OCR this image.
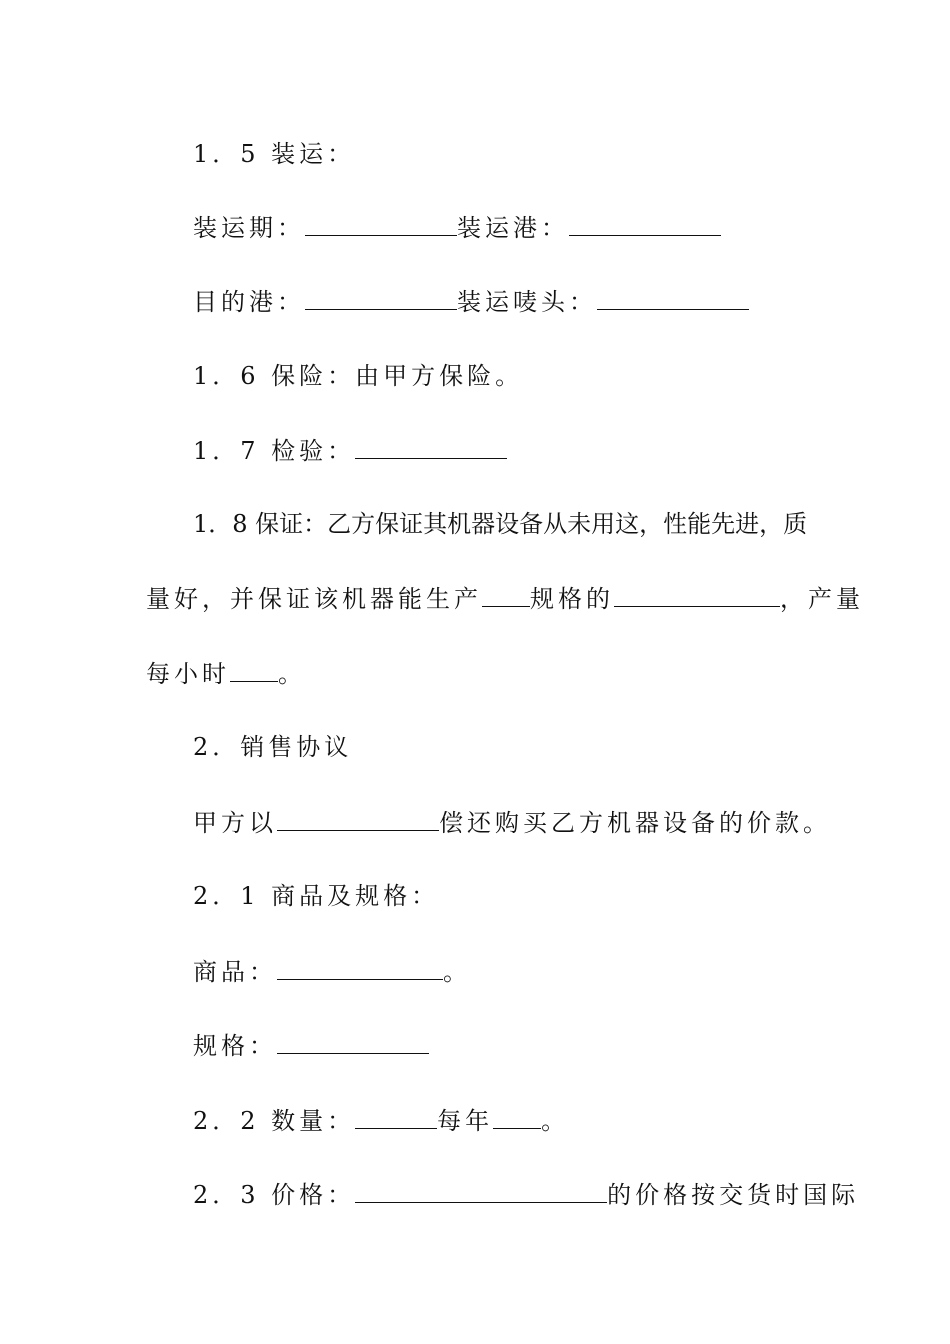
1．5 装运：
装运期：	装运港：
目的港：	装运唛头：
1．6 保险：由甲方保险。
1．7 检验：
1．8 保证：乙方保证其机器设备从未用这，性能先进，质
量好，并保证该机器能生产 规格的	，产量
每小时 。
2．销售协议
甲方以	偿还购买乙方机器设备的价款。
2．1 商品及规格：
商品：	。
规格：
2．2 数量：	每年 。
2．3 价格：	的价格按交货时国际
